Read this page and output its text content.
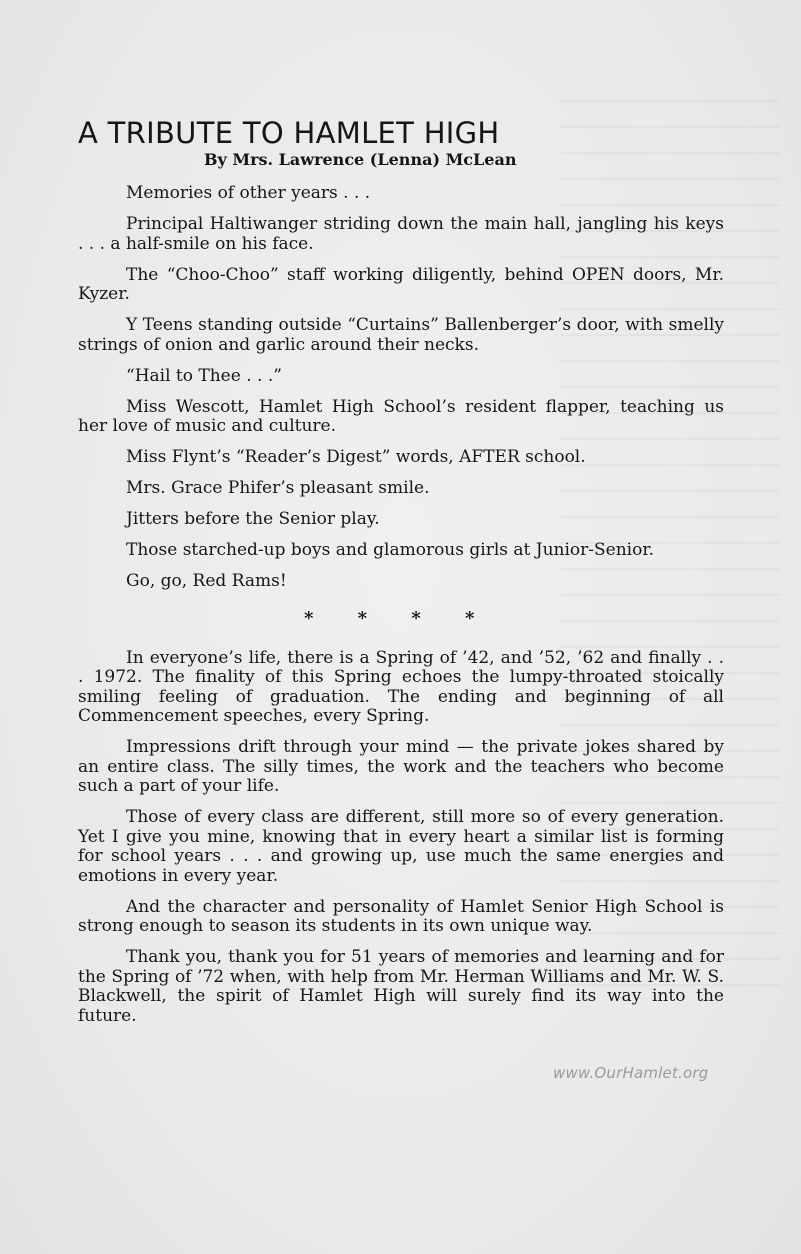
A TRIBUTE TO HAMLET HIGH
By Mrs. Lawrence (Lenna) McLean

Memories of other years . . .

Principal Haltiwanger striding down the main hall, jangling his keys . . . a half-smile on his face.

The “Choo-Choo” staff working diligently, behind OPEN doors, Mr. Kyzer.

Y Teens standing outside “Curtains” Ballenberger’s door, with smelly strings of onion and garlic around their necks.

“Hail to Thee . . .”

Miss Wescott, Hamlet High School’s resident flapper, teaching us her love of music and culture.

Miss Flynt’s “Reader’s Digest” words, AFTER school.

Mrs. Grace Phifer’s pleasant smile.

Jitters before the Senior play.

Those starched-up boys and glamorous girls at Junior-Senior.

Go, go, Red Rams!

* * * *

In everyone’s life, there is a Spring of ’42, and ’52, ’62 and finally . . . 1972. The finality of this Spring echoes the lumpy-throated stoically smiling feeling of graduation. The ending and beginning of all Commencement speeches, every Spring.

Impressions drift through your mind — the private jokes shared by an entire class. The silly times, the work and the teachers who become such a part of your life.

Those of every class are different, still more so of every generation. Yet I give you mine, knowing that in every heart a similar list is forming for school years . . . and growing up, use much the same energies and emotions in every year.

And the character and personality of Hamlet Senior High School is strong enough to season its students in its own unique way.

Thank you, thank you for 51 years of memories and learning and for the Spring of ’72 when, with help from Mr. Herman Williams and Mr. W. S. Blackwell, the spirit of Hamlet High will surely find its way into the future.

www.OurHamlet.org
